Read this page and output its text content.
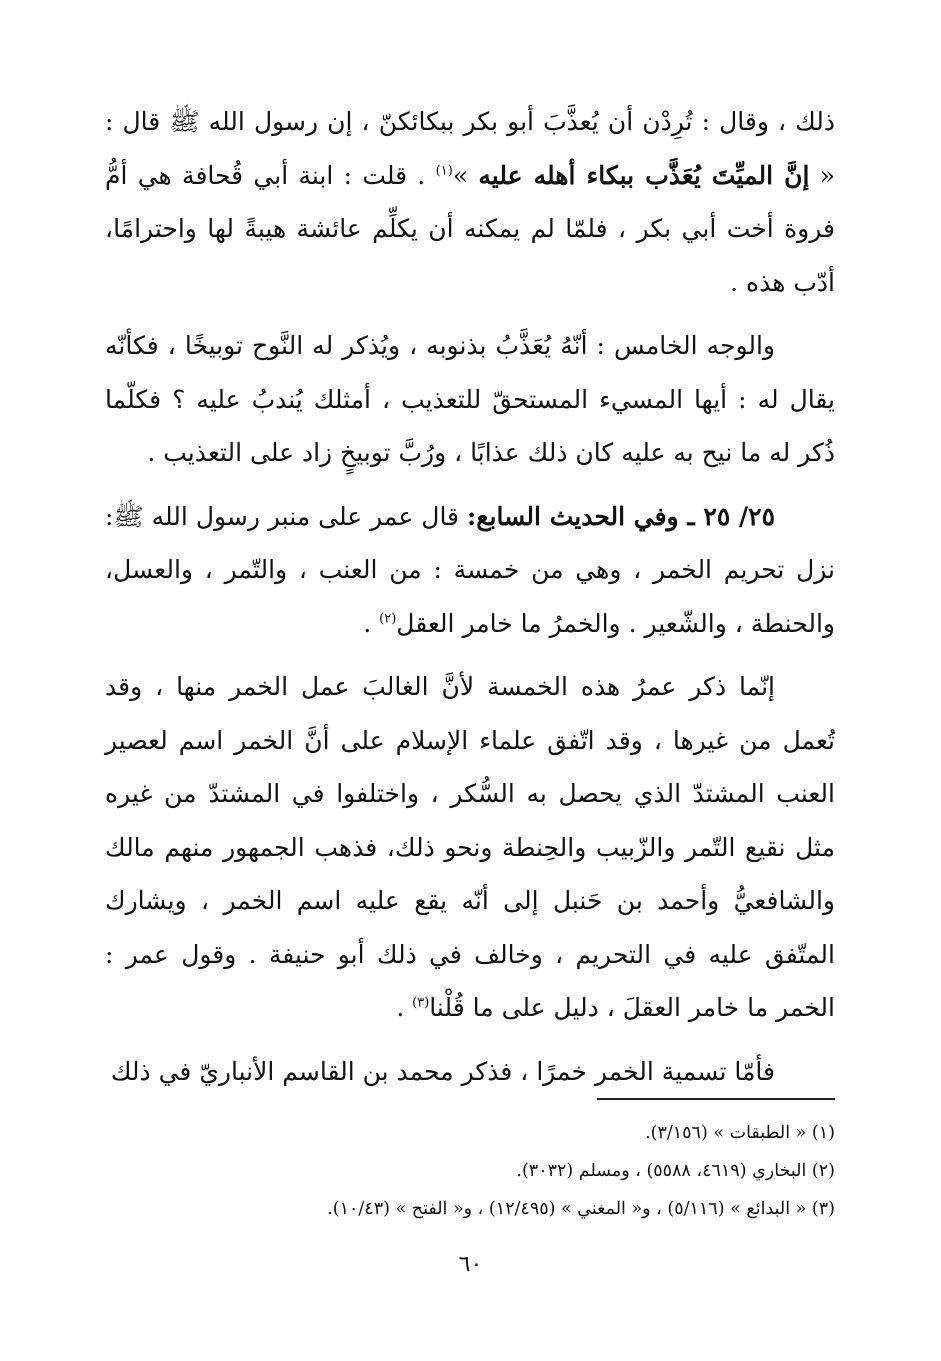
ذلك ، وقال : تُرِدْن أن يُعذَّبَ أبو بكر ببكائكنّ ، إن رسول الله ﷺ قال : « إنَّ الميِّتَ يُعَذَّب ببكاء أهله عليه »$^{(١)}$ . قلت : ابنة أبي قُحافة هي أمُّ فروة أخت أبي بكر ، فلمّا لم يمكنه أن يكلِّم عائشة هيبةً لها واحترامًا، أدّب هذه .

والوجه الخامس : أنّهُ يُعَذَّبُ بذنوبه ، ويُذكر له النَّوح توبيخًا ، فكأنّه يقال له : أيها المسيء المستحقّ للتعذيب ، أمثلك يُندبُ عليه ؟ فكلّما ذُكر له ما نيح به عليه كان ذلك عذابًا ، ورُبَّ توبيخٍ زاد على التعذيب .

٢٥/ ٢٥ ـ وفي الحديث السابع: قال عمر على منبر رسول الله ﷺ: نزل تحريم الخمر ، وهي من خمسة : من العنب ، والتّمر ، والعسل، والحنطة ، والشّعير . والخمرُ ما خامر العقل$^{(٢)}$ .

إنّما ذكر عمرُ هذه الخمسة لأنَّ الغالبَ عمل الخمر منها ، وقد تُعمل من غيرها ، وقد اتّفق علماء الإسلام على أنَّ الخمر اسم لعصير العنب المشتدّ الذي يحصل به السُّكر ، واختلفوا في المشتدّ من غيره مثل نقيع التّمر والزّبيب والحِنطة ونحو ذلك، فذهب الجمهور منهم مالك والشافعيُّ وأحمد بن حَنبل إلى أنّه يقع عليه اسم الخمر ، ويشارك المتّفق عليه في التحريم ، وخالف في ذلك أبو حنيفة . وقول عمر : الخمر ما خامر العقلَ ، دليل على ما قُلْنا$^{(٣)}$ .

فأمّا تسمية الخمر خمرًا ، فذكر محمد بن القاسم الأنباريّ في ذلك

(١) « الطبقات » (٣/١٥٦).

(٢) البخاري (٤٦١٩، ٥٥٨٨) ، ومسلم (٣٠٣٢).

(٣) « البدائع » (٥/١١٦) ، و« المغني » (١٢/٤٩٥) ، و« الفتح » (١٠/٤٣).

٦٠
